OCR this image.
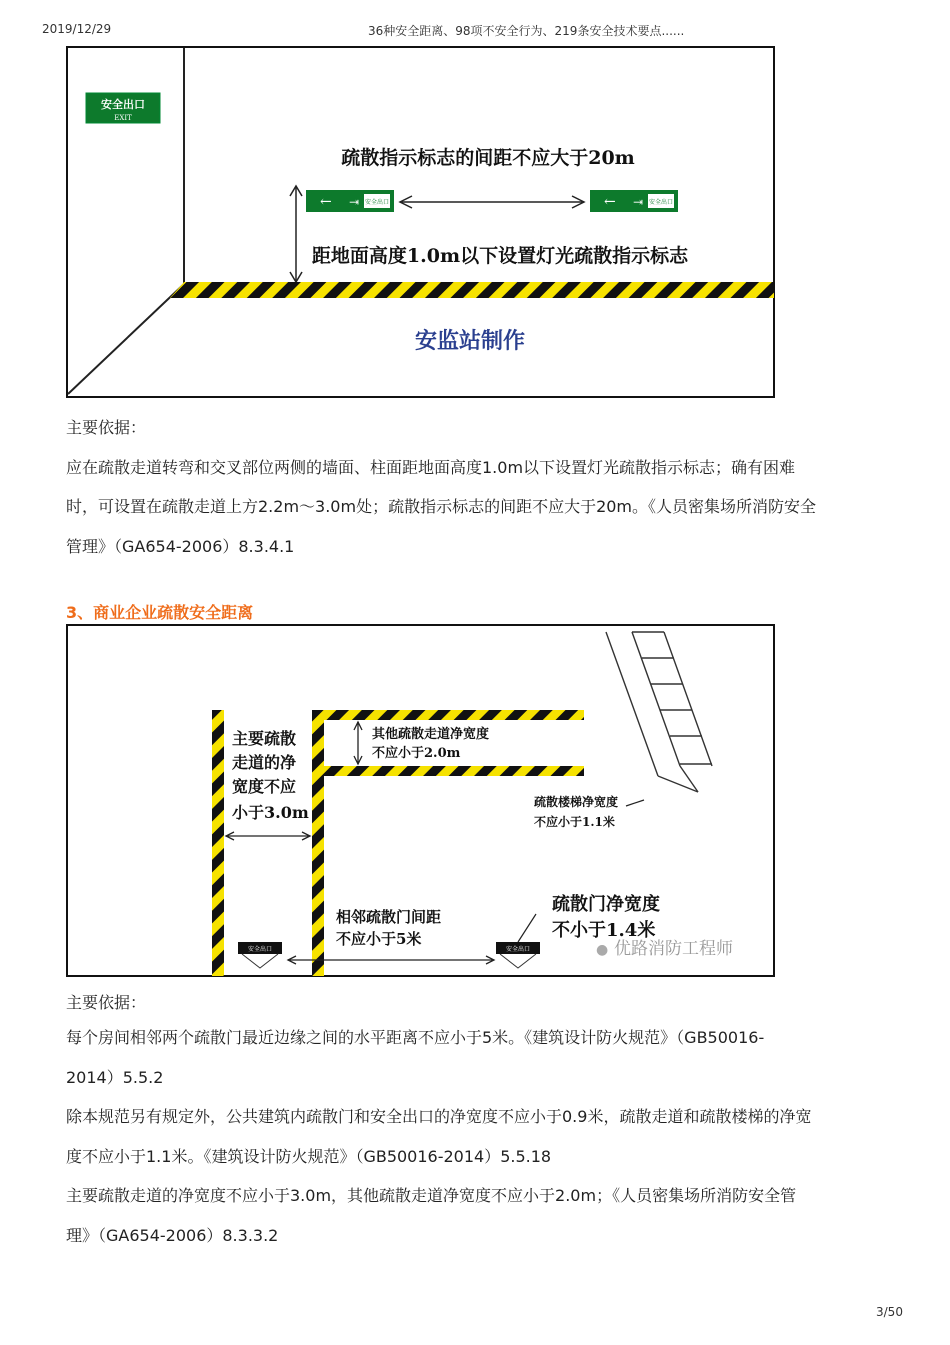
2019/12/29	36种安全距离、98项不安全行为、219条安全技术要点......
安全出口
EXIT
疏散指示标志的间距不应大于20m
← ⇥ 安全出口	← ⇥ 安全出口
距地面高度1.0m以下设置灯光疏散指示标志
安监站制作
主要依据：
应在疏散走道转弯和交叉部位两侧的墙面、柱面距地面高度1.0m以下设置灯光疏散指示标志；确有困难
时，可设置在疏散走道上方2.2m～3.0m处；疏散指示标志的间距不应大于20m。《人员密集场所消防安全
管理》（GA654-2006）8.3.4.1
3、商业企业疏散安全距离
主要疏散
走道的净
宽度不应
小于3.0m
其他疏散走道净宽度
不应小于2.0m
疏散楼梯净宽度
不应小于1.1米
相邻疏散门间距
不应小于5米
疏散门净宽度
不小于1.4米
安全出口	安全出口	● 优路消防工程师
主要依据：
每个房间相邻两个疏散门最近边缘之间的水平距离不应小于5米。《建筑设计防火规范》（GB50016-
2014）5.5.2
除本规范另有规定外，公共建筑内疏散门和安全出口的净宽度不应小于0.9米，疏散走道和疏散楼梯的净宽
度不应小于1.1米。《建筑设计防火规范》（GB50016-2014）5.5.18
主要疏散走道的净宽度不应小于3.0m，其他疏散走道净宽度不应小于2.0m；《人员密集场所消防安全管
理》（GA654-2006）8.3.3.2
3/50
